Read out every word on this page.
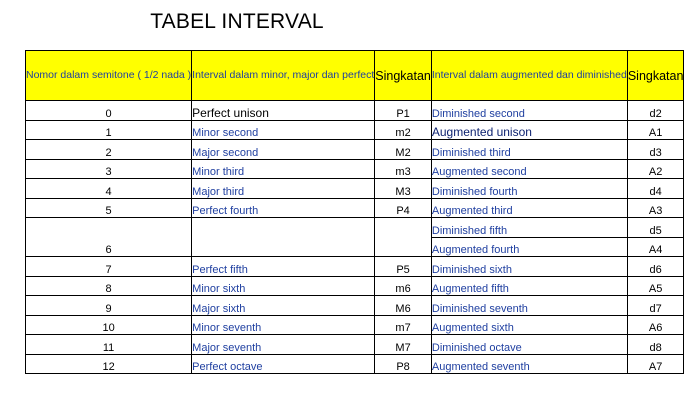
TABEL INTERVAL
Nomor dalam semitone ( 1/2 nada )	Interval dalam minor, major dan perfect	Singkatan	Interval dalam augmented dan diminished	Singkatan
0	Perfect unison	P1	Diminished second	d2
1	Minor second	m2	Augmented unison	A1
2	Major second	M2	Diminished third	d3
3	Minor third	m3	Augmented second	A2
4	Major third	M3	Diminished fourth	d4
5	Perfect fourth	P4	Augmented third	A3
6			Diminished fifth	d5
			Augmented fourth	A4
7	Perfect fifth	P5	Diminished sixth	d6
8	Minor sixth	m6	Augmented fifth	A5
9	Major sixth	M6	Diminished seventh	d7
10	Minor seventh	m7	Augmented sixth	A6
11	Major seventh	M7	Diminished octave	d8
12	Perfect octave	P8	Augmented seventh	A7
